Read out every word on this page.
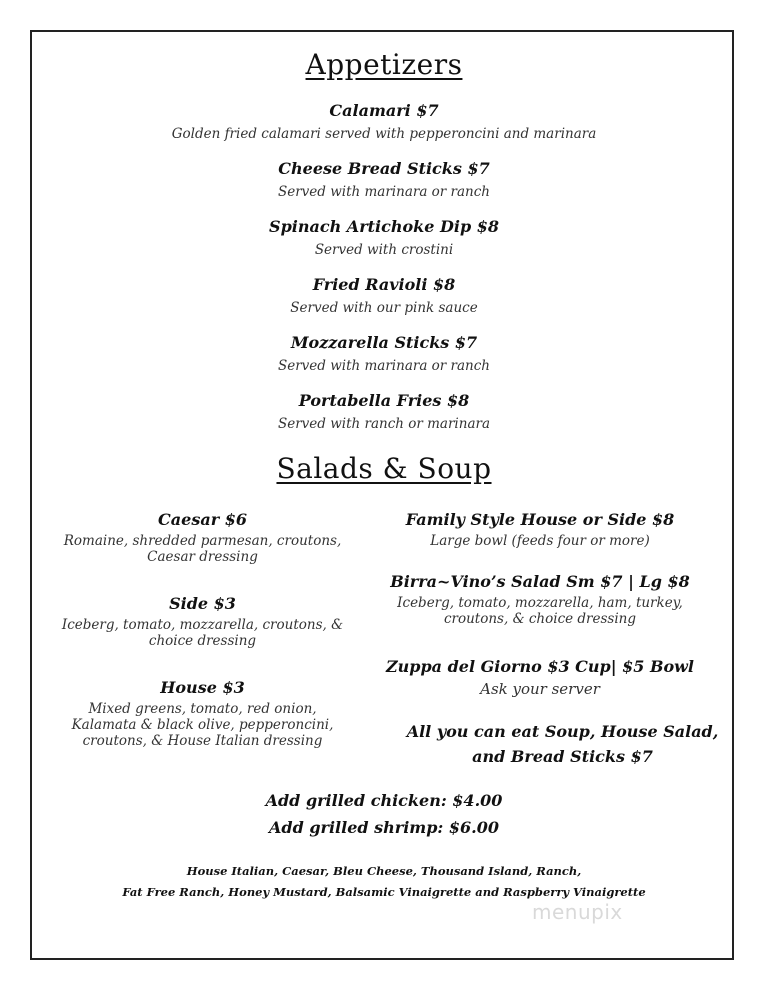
Appetizers
Calamari $7
Golden fried calamari served with pepperoncini and marinara
Cheese Bread Sticks $7
Served with marinara or ranch
Spinach Artichoke Dip $8
Served with crostini
Fried Ravioli $8
Served with our pink sauce
Mozzarella Sticks $7
Served with marinara or ranch
Portabella Fries $8
Served with ranch or marinara
Salads & Soup
Caesar $6
Romaine, shredded parmesan, croutons,
Caesar dressing
Side $3
Iceberg, tomato, mozzarella, croutons, &
choice dressing
House $3
Mixed greens, tomato, red onion,
Kalamata & black olive, pepperoncini,
croutons, & House Italian dressing
Family Style House or Side $8
Large bowl (feeds four or more)
Birra~Vino’s Salad Sm $7 | Lg $8
Iceberg, tomato, mozzarella, ham, turkey,
croutons, & choice dressing
Zuppa del Giorno $3 Cup| $5 Bowl
Ask your server
All you can eat Soup, House Salad,
and Bread Sticks $7
Add grilled chicken: $4.00
Add grilled shrimp: $6.00
House Italian, Caesar, Bleu Cheese, Thousand Island, Ranch,
Fat Free Ranch, Honey Mustard, Balsamic Vinaigrette and Raspberry Vinaigrette
menupix
